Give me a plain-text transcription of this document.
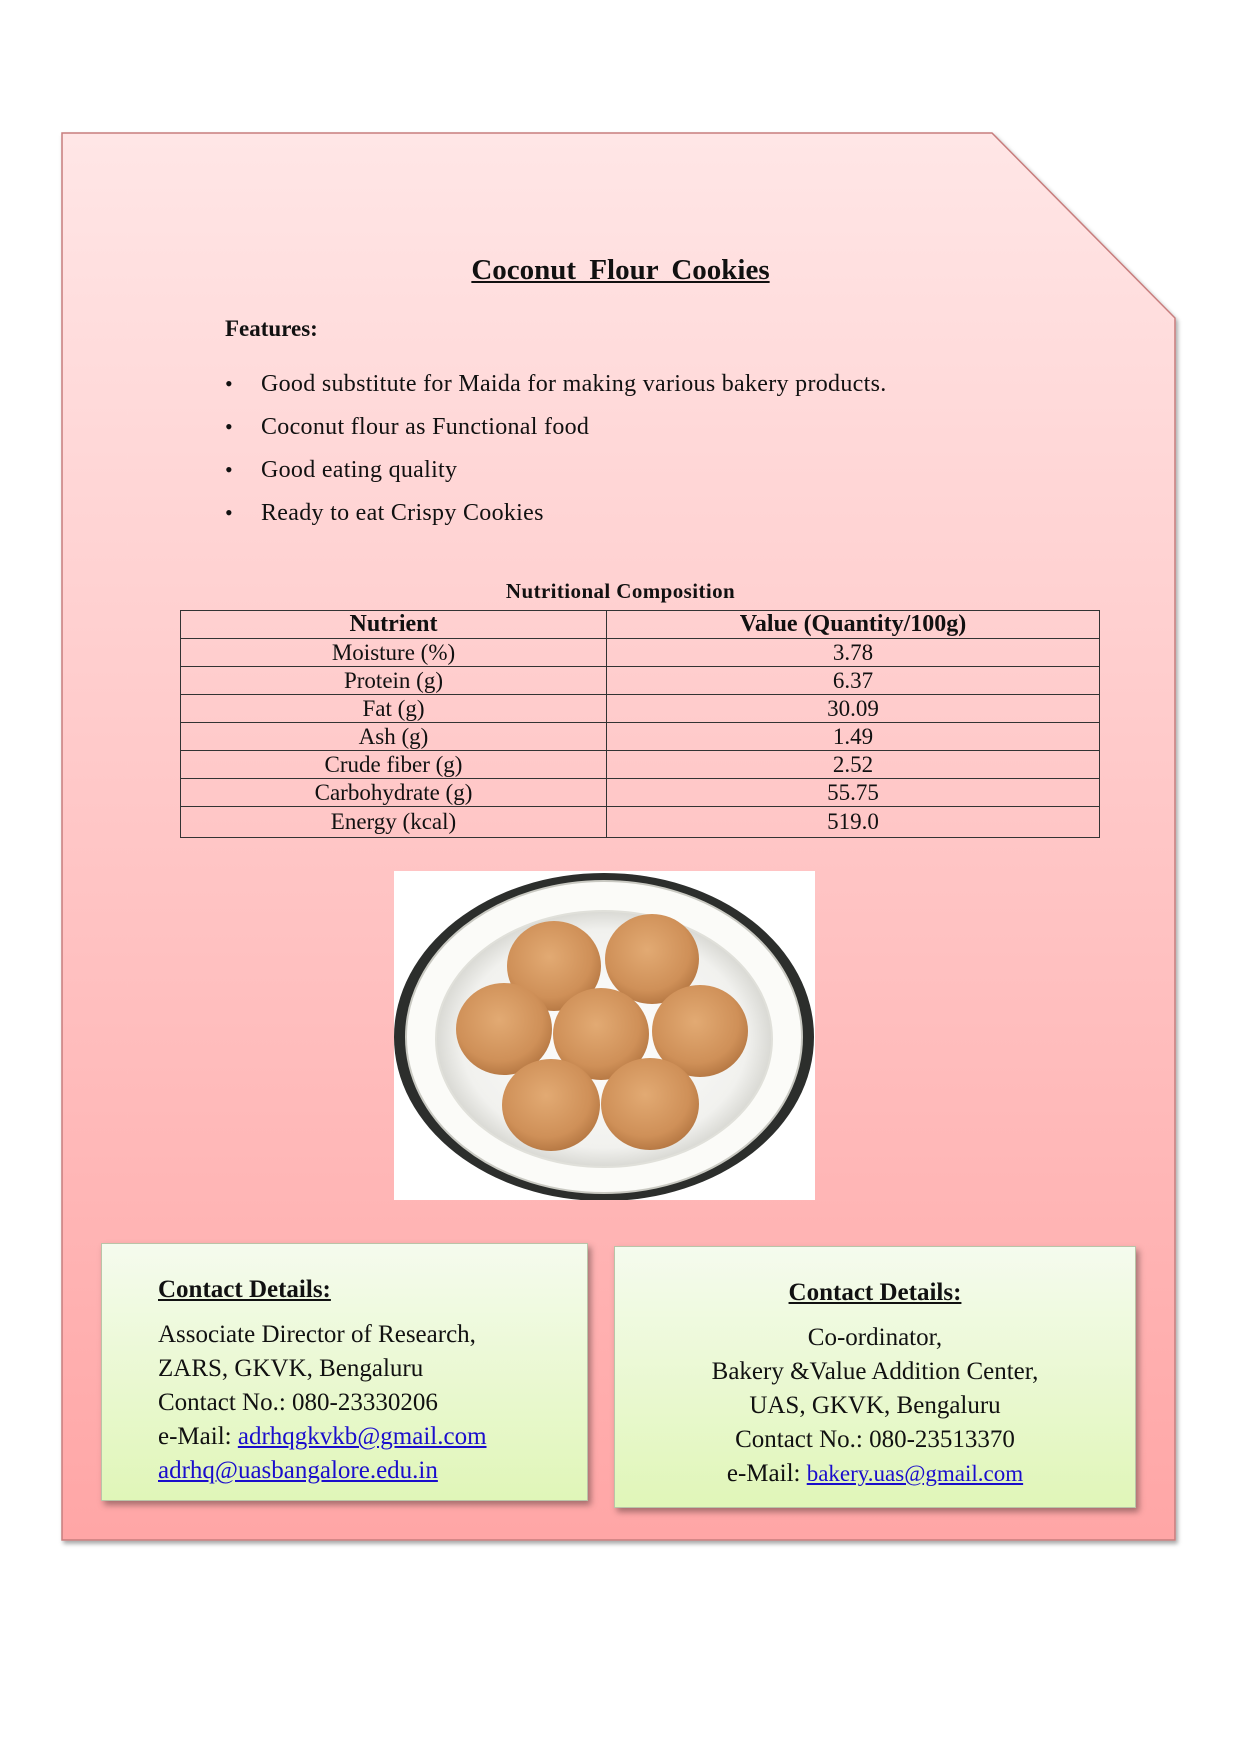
Coconut Flour Cookies
Features:
• Good substitute for Maida for making various bakery products.
• Coconut flour as Functional food
• Good eating quality
• Ready to eat Crispy Cookies
Nutritional Composition
Nutrient	Value (Quantity/100g)
Moisture (%)	3.78
Protein (g)	6.37
Fat (g)	30.09
Ash (g)	1.49
Crude fiber (g)	2.52
Carbohydrate (g)	55.75
Energy (kcal)	519.0
Contact Details:
Associate Director of Research,
ZARS, GKVK, Bengaluru
Contact No.: 080-23330206
e-Mail: adrhqgkvkb@gmail.com
adrhq@uasbangalore.edu.in
Contact Details:
Co-ordinator,
Bakery &Value Addition Center,
UAS, GKVK, Bengaluru
Contact No.: 080-23513370
e-Mail: bakery.uas@gmail.com
